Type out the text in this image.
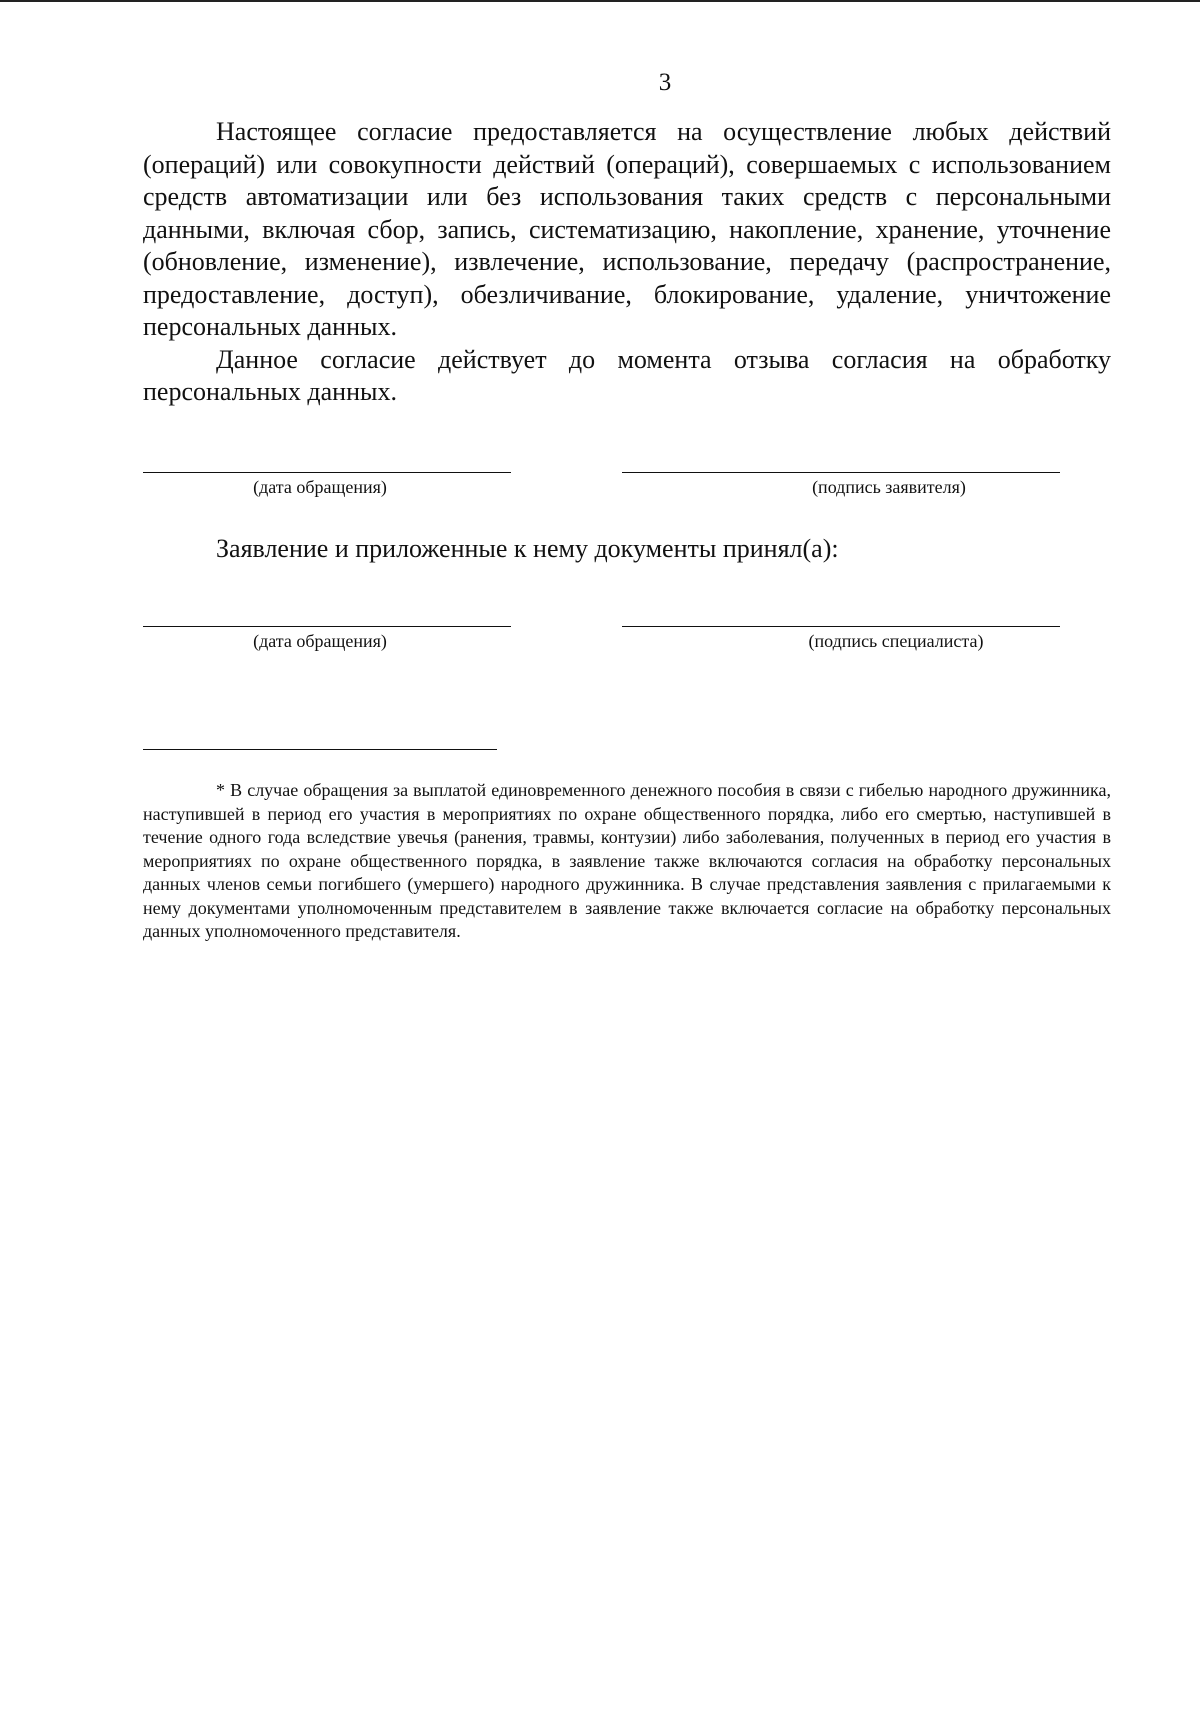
3

Настоящее согласие предоставляется на осуществление любых действий (операций) или совокупности действий (операций), совершаемых с использованием средств автоматизации или без использования таких средств с персональными данными, включая сбор, запись, систематизацию, накопление, хранение, уточнение (обновление, изменение), извлечение, использование, передачу (распространение, предоставление, доступ), обезличивание, блокирование, удаление, уничтожение персональных данных.

Данное согласие действует до момента отзыва согласия на обработку персональных данных.

(дата обращения)	(подпись заявителя)
Заявление и приложенные к нему документы принял(а):
(дата обращения)	(подпись специалиста)

* В случае обращения за выплатой единовременного денежного пособия в связи с гибелью народного дружинника, наступившей в период его участия в мероприятиях по охране общественного порядка, либо его смертью, наступившей в течение одного года вследствие увечья (ранения, травмы, контузии) либо заболевания, полученных в период его участия в мероприятиях по охране общественного порядка, в заявление также включаются согласия на обработку персональных данных членов семьи погибшего (умершего) народного дружинника. В случае представления заявления с прилагаемыми к нему документами уполномоченным представителем в заявление также включается согласие на обработку персональных данных уполномоченного представителя.
